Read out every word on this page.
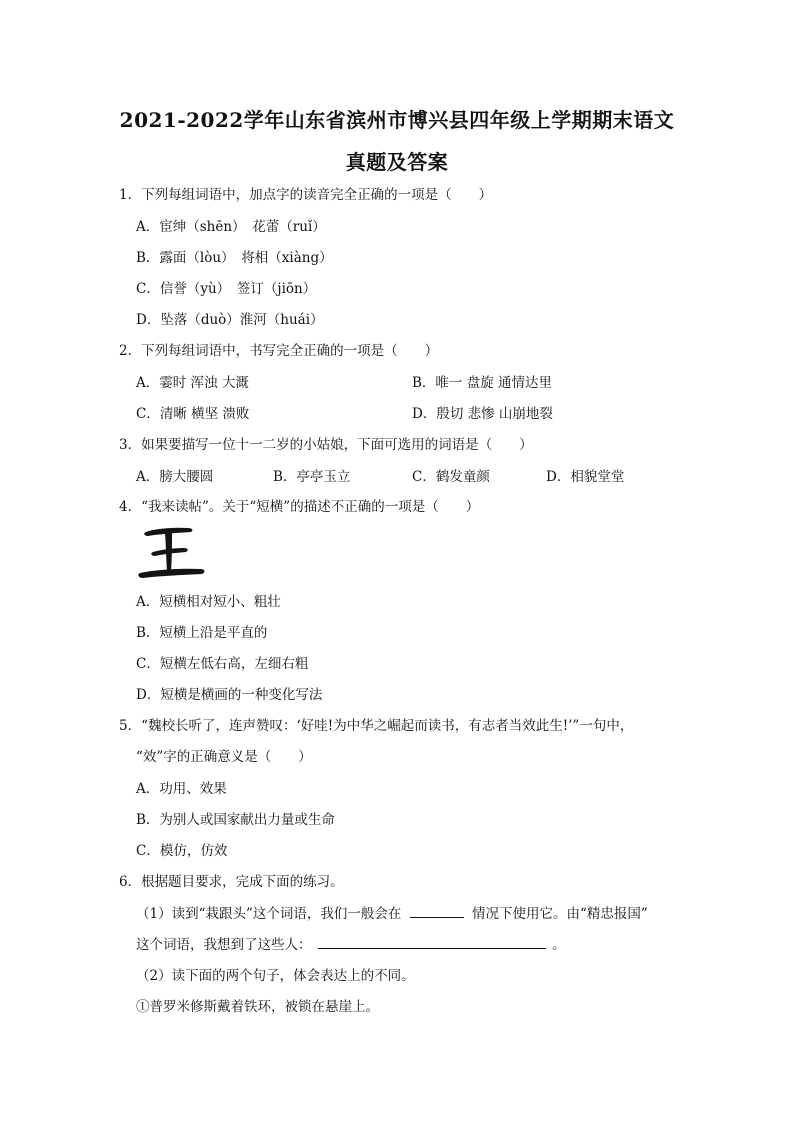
2021-2022学年山东省滨州市博兴县四年级上学期期末语文
真题及答案
1．下列每组词语中，加点字的读音完全正确的一项是（　　）
A．宦绅（shēn）　花蕾（ruǐ）
B．露面（lòu）　将相（xiàng）
C．信誉（yù）　签订（jiōn）
D．坠落（duò）淮河（huái）
2．下列每组词语中，书写完全正确的一项是（　　）
A．霎时 浑浊 大溉	B．唯一 盘旋 通情达里
C．清晰 横坚 溃败	D．殷切 悲惨 山崩地裂
3．如果要描写一位十一二岁的小姑娘，下面可选用的词语是（　　）
A．膀大腰圆	B．亭亭玉立	C．鹤发童颜	D．相貌堂堂
4．“我来读帖”。关于“短横”的描述不正确的一项是（　　）
A．短横相对短小、粗壮
B．短横上沿是平直的
C．短横左低右高，左细右粗
D．短横是横画的一种变化写法
5．“魏校长听了，连声赞叹：‘好哇!为中华之崛起而读书，有志者当效此生!’”一句中，
“效”字的正确意义是（　　）
A．功用、效果
B．为别人或国家献出力量或生命
C．模仿，仿效
6．根据题目要求，完成下面的练习。
（1）读到“栽跟头”这个词语，我们一般会在	情况下使用它。由“精忠报国”
这个词语，我想到了这些人：	。
（2）读下面的两个句子，体会表达上的不同。
①普罗米修斯戴着铁环，被锁在悬崖上。
